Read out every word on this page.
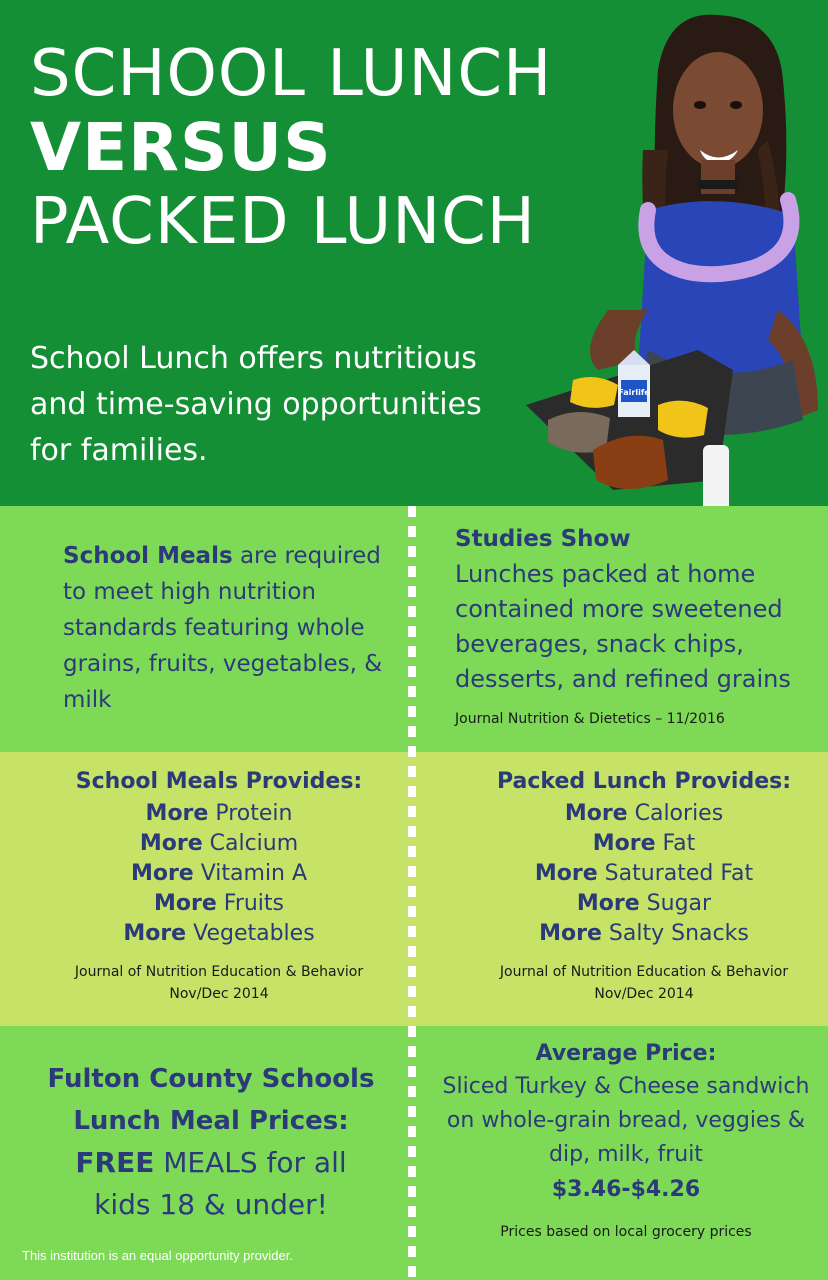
SCHOOL LUNCH
VERSUS
PACKED LUNCH

School Lunch offers nutritious and time-saving opportunities for families.

Fairlife

School Meals are required to meet high nutrition standards featuring whole grains, fruits, vegetables, & milk

Studies Show
Lunches packed at home contained more sweetened beverages, snack chips, desserts, and refined grains
Journal Nutrition & Dietetics – 11/2016
School Meals Provides:
More Protein
More Calcium
More Vitamin A
More Fruits
More Vegetables
Journal of Nutrition Education & Behavior Nov/Dec 2014
Packed Lunch Provides:
More Calories
More Fat
More Saturated Fat
More Sugar
More Salty Snacks
Journal of Nutrition Education & Behavior Nov/Dec 2014
Fulton County Schools
Lunch Meal Prices:
FREE MEALS for all
kids 18 & under!
Average Price:
Sliced Turkey & Cheese sandwich on whole-grain bread, veggies & dip, milk, fruit
$3.46-$4.26
Prices based on local grocery prices
This institution is an equal opportunity provider.
